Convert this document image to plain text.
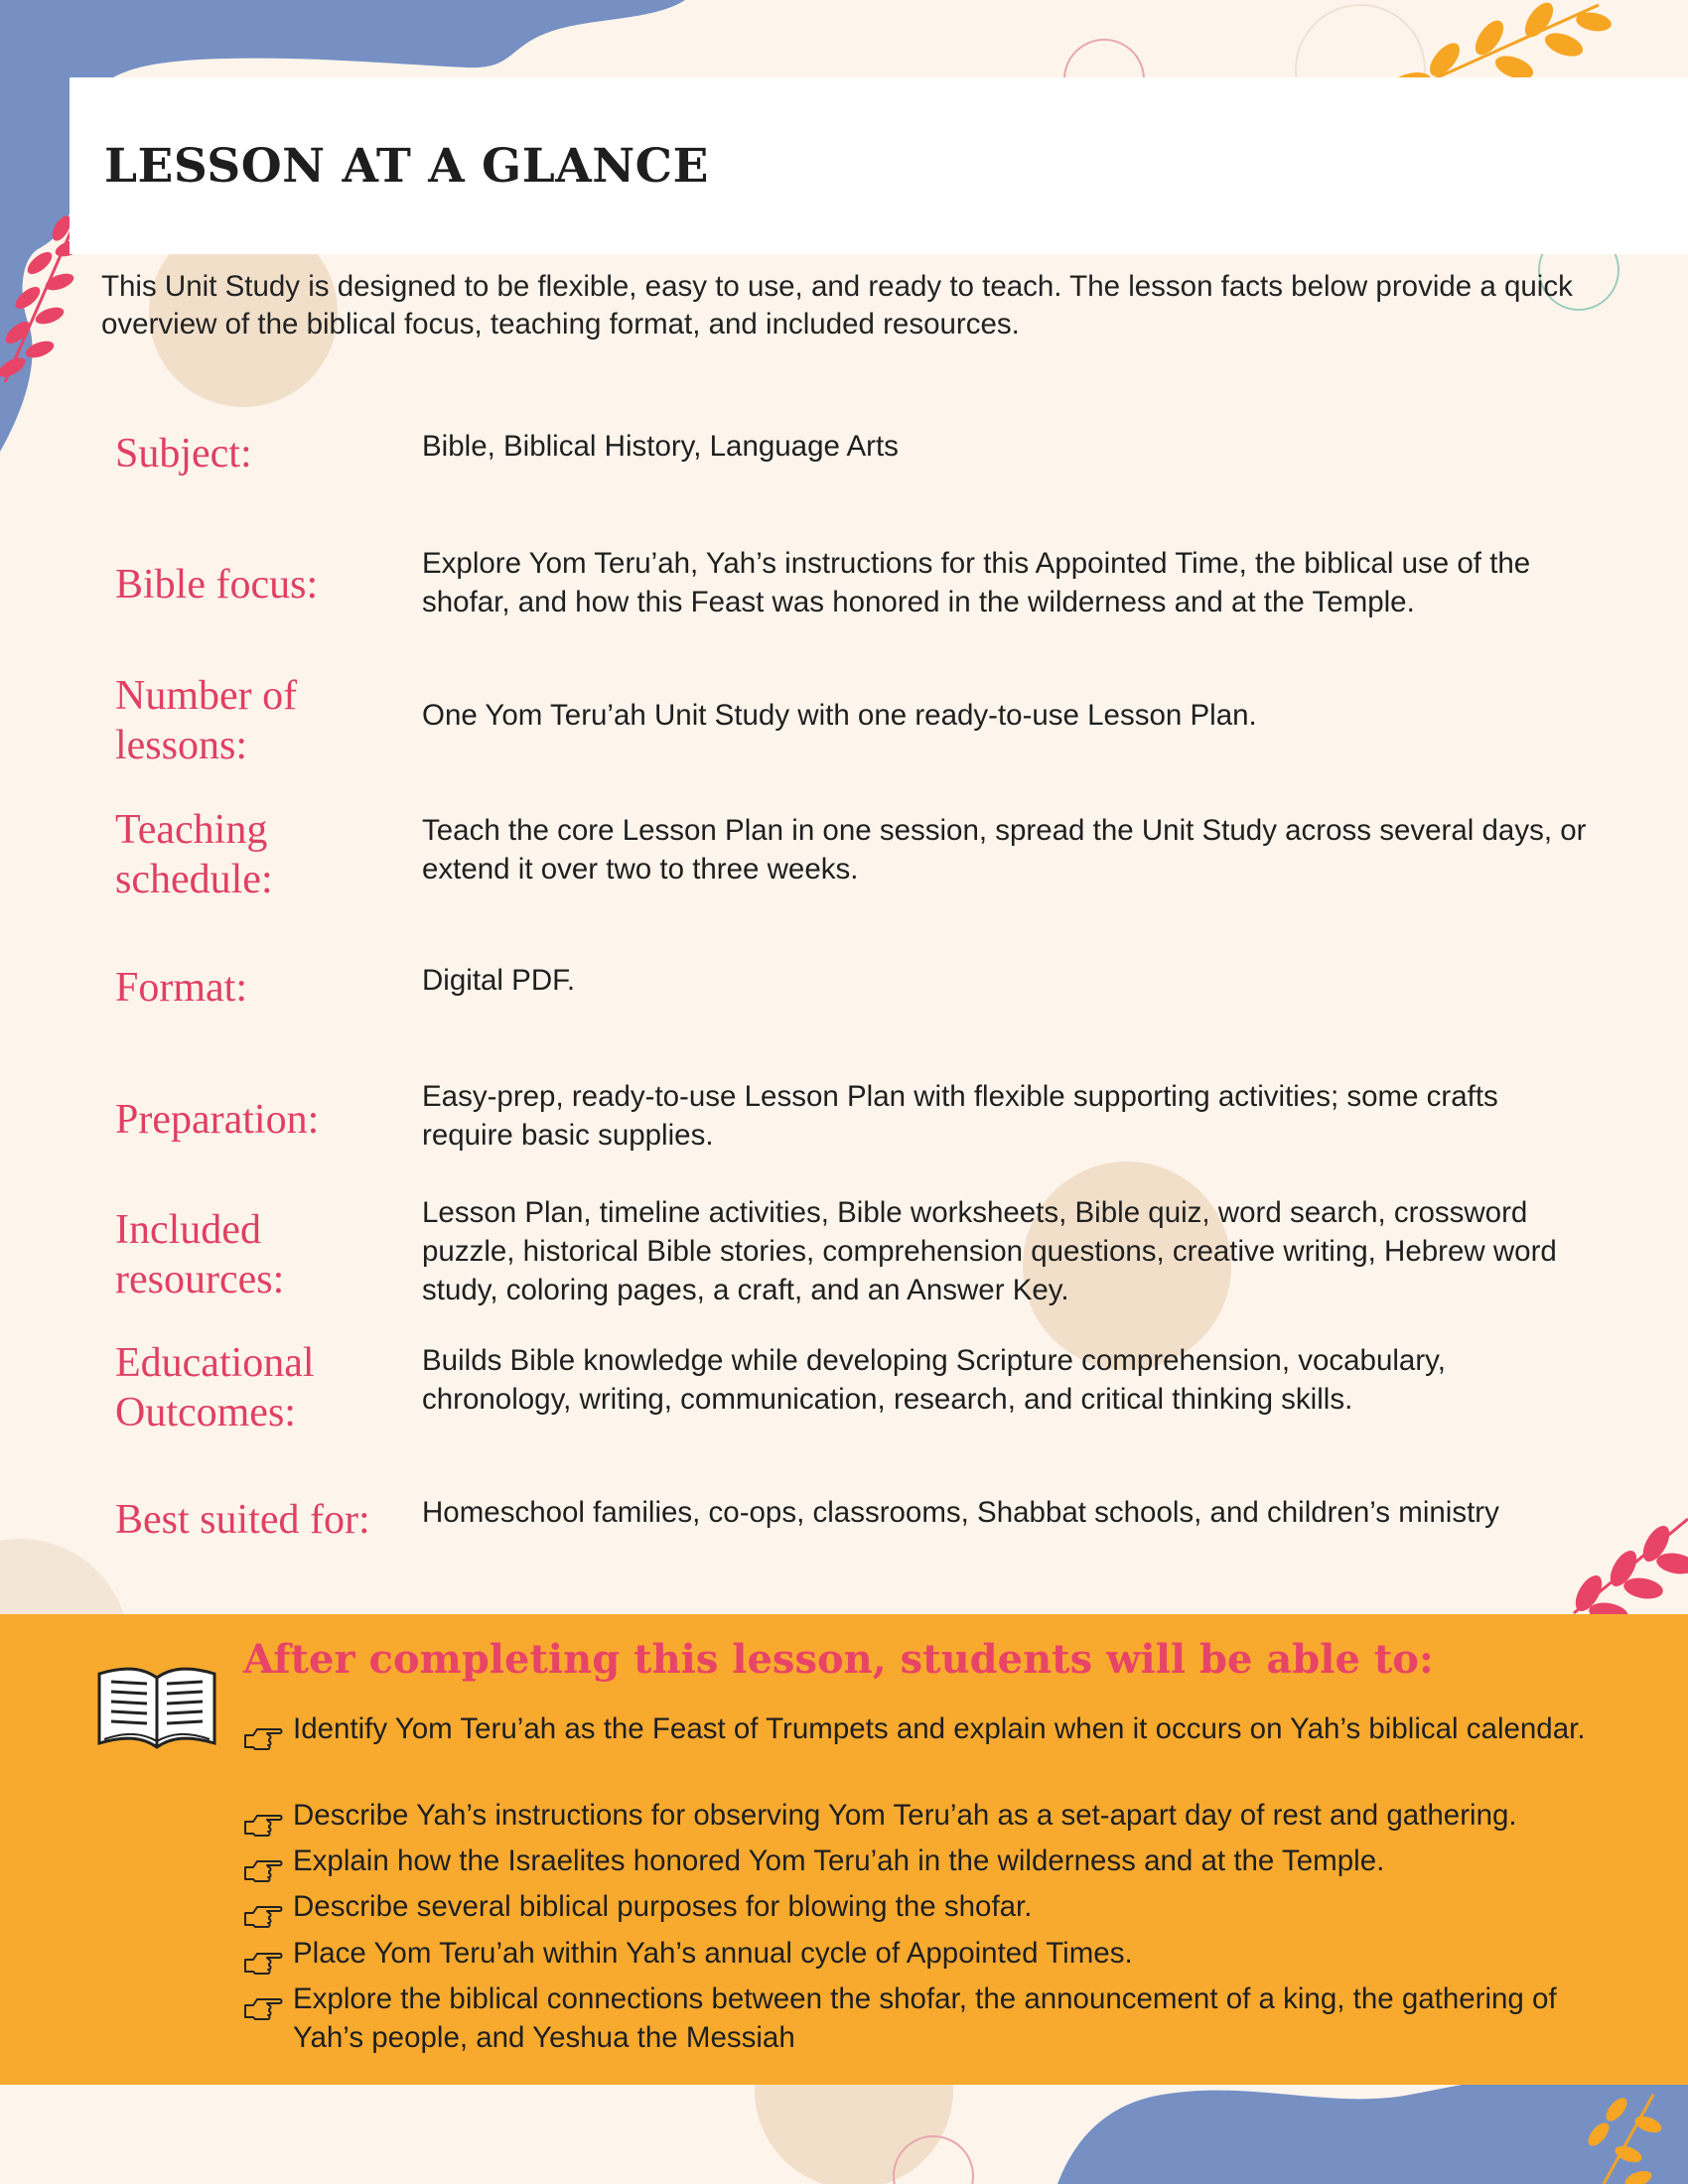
LESSON AT A GLANCE

This Unit Study is designed to be flexible, easy to use, and ready to teach. The lesson facts below provide a quick overview of the biblical focus, teaching format, and included resources.

Subject:	Bible, Biblical History, Language Arts
Bible focus:	Explore Yom Teru’ah, Yah’s instructions for this Appointed Time, the biblical use of the shofar, and how this Feast was honored in the wilderness and at the Temple.
Number of lessons:
One Yom Teru’ah Unit Study with one ready-to-use Lesson Plan.
Teaching schedule:
Teach the core Lesson Plan in one session, spread the Unit Study across several days, or extend it over two to three weeks.
Format:	Digital PDF.
Preparation:
Easy-prep, ready-to-use Lesson Plan with flexible supporting activities; some crafts require basic supplies.
Included resources:
Lesson Plan, timeline activities, Bible worksheets, Bible quiz, word search, crossword puzzle, historical Bible stories, comprehension questions, creative writing, Hebrew word study, coloring pages, a craft, and an Answer Key.
Educational Outcomes:
Builds Bible knowledge while developing Scripture comprehension, vocabulary, chronology, writing, communication, research, and critical thinking skills.
Best suited for:	Homeschool families, co-ops, classrooms, Shabbat schools, and children’s ministry
After completing this lesson, students will be able to:
Identify Yom Teru’ah as the Feast of Trumpets and explain when it occurs on Yah’s biblical calendar.
Describe Yah’s instructions for observing Yom Teru’ah as a set-apart day of rest and gathering.
Explain how the Israelites honored Yom Teru’ah in the wilderness and at the Temple.
Describe several biblical purposes for blowing the shofar.
Place Yom Teru’ah within Yah’s annual cycle of Appointed Times.
Explore the biblical connections between the shofar, the announcement of a king, the gathering of Yah’s people, and Yeshua the Messiah
